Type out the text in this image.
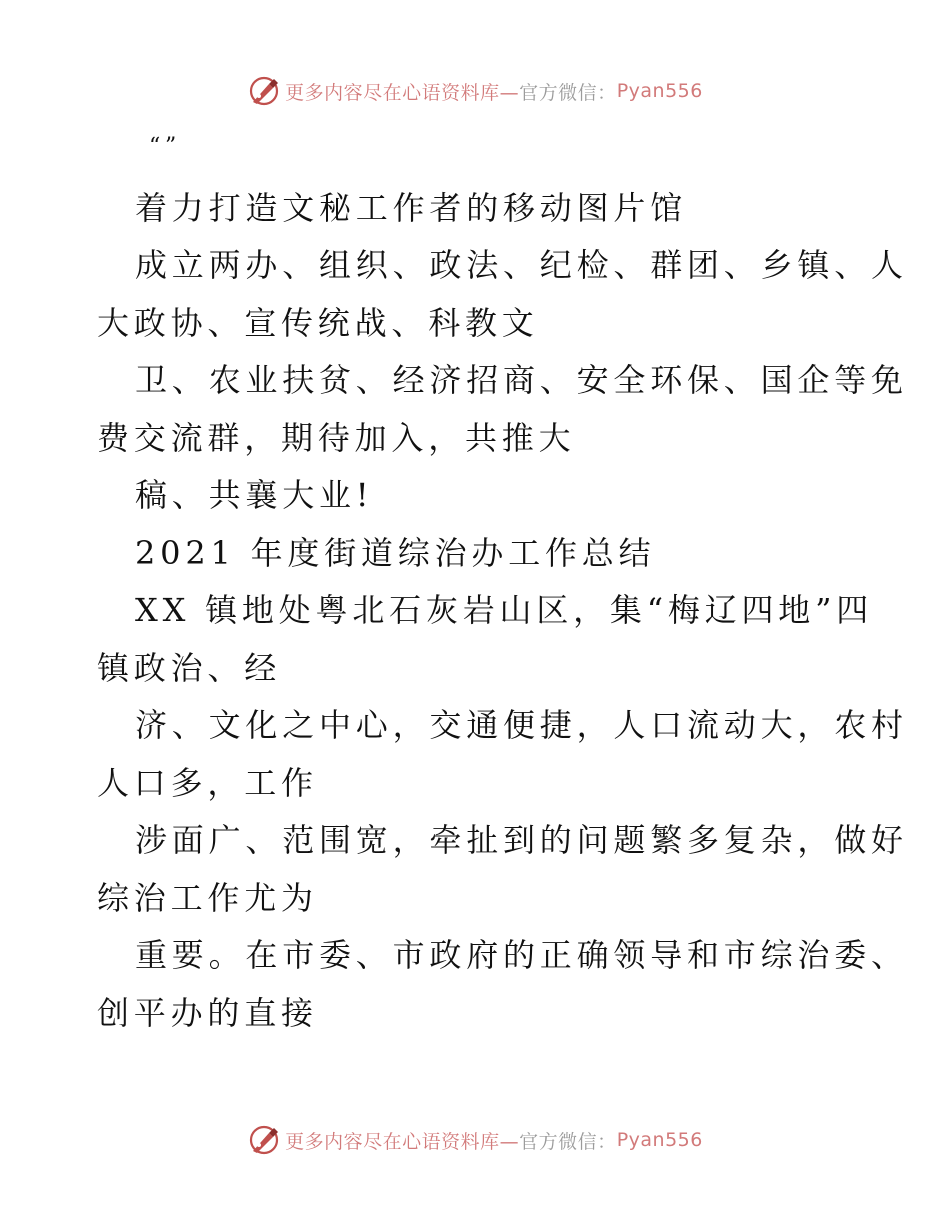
更多内容尽在心语资料库— 官方微信： Pyan556
“”
着力打造文秘工作者的移动图片馆
成立两办、组织、政法、纪检、群团、乡镇、人
大政协、宣传统战、科教文
卫、农业扶贫、经济招商、安全环保、国企等免
费交流群，期待加入，共推大
稿、共襄大业!
2021 年度街道综治办工作总结
XX 镇地处粤北石灰岩山区，集“梅辽四地”四
镇政治、经
济、文化之中心，交通便捷，人口流动大，农村
人口多，工作
涉面广、范围宽，牵扯到的问题繁多复杂，做好
综治工作尤为
重要。在市委、市政府的正确领导和市综治委、
创平办的直接
更多内容尽在心语资料库— 官方微信： Pyan556
